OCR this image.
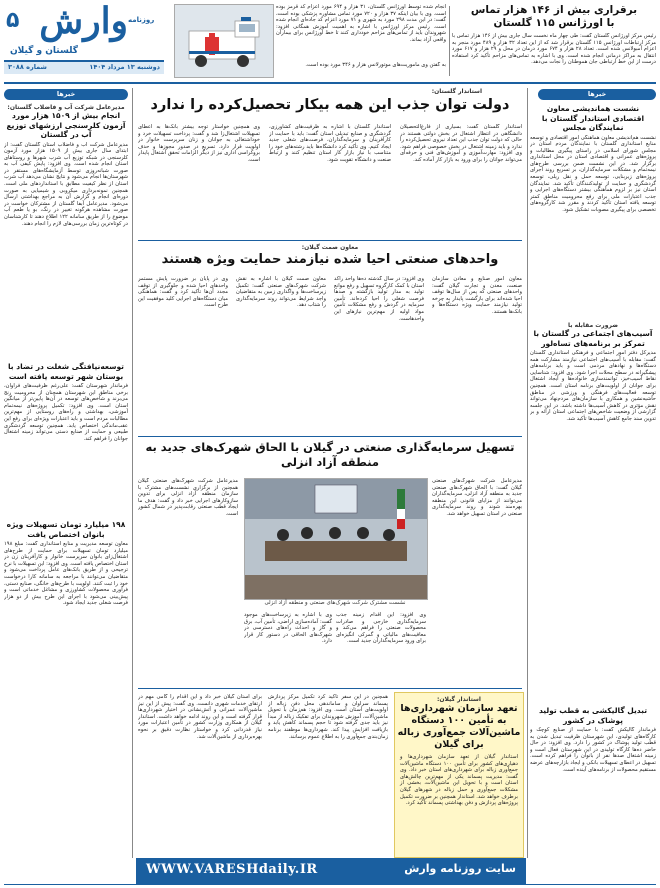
۵ وارش روزنامه
گلستان و گیلان
دوشنبه ۱۳ مرداد ۱۴۰۴
شماره ۳۰۸۸
برقراری بیش از ۱۴۶ هزار تماس
با اورژانس ۱۱۵ گلستان
رئیس مرکز اورژانس گلستان گفت: طی چهار ماه نخست سال جاری بیش از ۱۴۶ هزار تماس با مرکز ارتباطات اورژانس ۱۱۵ گلستان برقرار شد که از این تعداد ۳۲ هزار و ۴۸۹ مورد منجر به اعزام آمبولانس شده است. تعداد ۲۸ هزار و ۶۷۴ مورد درمان در محل و ۲۹ هزار و ۶۱۷ مورد انتقال به مراکز درمانی انجام شده است. وی با اشاره به تماس‌های مزاحم تأکید کرد استفاده درست از این خط ارتباطی جان هموطنان را نجات می‌دهد.
انجام شده توسط اورژانس گلستان، ۳۱ هزار و ۶۹۴ مورد اعزام کد قرمز بوده است. وی با بیان اینکه ۳۷ هزار و ۷۲۰ مورد تماس مشاوره پزشکی بوده است، گفت: در این مدت ۲۹۸ مورد به شهری و ۷۱ مورد اعزام کد جاده‌ای انجام شده است. رئیس مرکز اورژانس با اشاره به اهمیت آموزش همگانی افزود: شهروندان باید از تماس‌های مزاحم خودداری کنند تا خط اورژانس برای بیماران واقعی آزاد بماند.
به گفتن وی مأموریت‌های موتورلانس هزار و ۳۴۶ مورد بوده است.
خبرها
نشست هماندیشی معاون اقتصادی استاندار گلستان با نمایندگان مجلس
نشست هم‌اندیشی معاون هماهنگی امور اقتصادی و توسعه منابع استانداری گلستان با نمایندگان مردم استان در مجلس شورای اسلامی در راستای پیگیری مطالبات و پروژه‌های عمرانی و اقتصادی استان در محل استانداری برگزار شد. در این نشست ضمن بررسی طرح‌های نیمه‌تمام و مشکلات سرمایه‌گذاران، بر تسریع روند اجرای پروژه‌های زیربنایی، توسعه حمل و نقل ریلی، توسعه گردشگری و حمایت از تولیدکنندگان تأکید شد. نمایندگان استان نیز بر لزوم هماهنگی بیشتر دستگاه‌های اجرایی و جذب اعتبارات ملی برای رفع محرومیت مناطق کمتر توسعه یافته استان تأکید کردند و مقرر شد کارگروه‌های تخصصی برای پیگیری مصوبات تشکیل شود.
ضرورت مقابله با
آسیب‌های اجتماعی در گلستان با تمرکز بر برنامه‌های تساه‌لور
مدیرکل دفتر امور اجتماعی و فرهنگی استانداری گلستان گفت: مقابله با آسیب‌های اجتماعی نیازمند مشارکت همه دستگاه‌ها و نهادهای مردمی است و باید برنامه‌های پیشگیرانه در سطح محلات اجرا شود. وی افزود: شناسایی نقاط آسیب‌خیز، توانمندسازی خانواده‌ها و ایجاد اشتغال برای جوانان از اولویت‌های برنامه استان است. همچنین توسعه فعالیت‌های فرهنگی و ورزشی در مناطق حاشیه‌نشین و همکاری با سازمان‌های مردم‌نهاد می‌تواند نقش مؤثری در کاهش آسیب‌ها داشته باشد. در این جلسه گزارشی از وضعیت شاخص‌های اجتماعی استان ارائه و بر تدوین سند جامع کاهش آسیب‌ها تأکید شد.
تبدیل گالیکشی به قطب تولید پوشاک در کشور
فرماندار گالیکش گفت: با حمایت از صنایع کوچک و کارگاه‌های تولیدی، این شهرستان ظرفیت تبدیل شدن به قطب تولید پوشاک در کشور را دارد. وی افزود: در حال حاضر ده‌ها کارگاه تولیدی در این شهرستان فعال است و زمینه اشتغال صدها نفر از بانوان را فراهم کرده است. تسهیل در اعطای تسهیلات بانکی و ایجاد بازارچه‌های عرضه مستقیم محصولات از برنامه‌های آینده است.
خبرها
مدیرعامل شرکت آب و فاضلاب گلستان:
انجام بیش از ۱۵۰۹ هزار مورد آزمون کلرسنجی ارزشهای توزیع آب در گلستان
مدیرعامل شرکت آب و فاضلاب استان گلستان گفت: از ابتدای سال جاری بیش از ۱۵۰۹ هزار مورد آزمون کلرسنجی در شبکه توزیع آب شرب شهرها و روستاهای استان انجام شده است. وی افزود: پایش کیفی آب به صورت شبانه‌روزی توسط آزمایشگاه‌های مستقر در شهرستان‌ها انجام می‌شود و نتایج نشان می‌دهد آب شرب استان از نظر کیفیت مطابق با استانداردهای ملی است. همچنین نمونه‌برداری میکروبی و شیمیایی به صورت دوره‌ای انجام و گزارش آن به مراجع بهداشتی ارسال می‌شود. مدیرعامل آبفا گلستان از مشترکان خواست در صورت مشاهده هرگونه تغییر در رنگ، بو یا طعم آب موضوع را از طریق سامانه ۱۲۲ اطلاع دهند تا کارشناسان در کوتاه‌ترین زمان بررسی‌های لازم را انجام دهند.
توسعه‌نیافتگی شغلت در تضاد با بوستان شهر توسعه یافته است
فرماندار شهرستان گفت: علی‌رغم ظرفیت‌های فراوان، برخی مناطق این شهرستان همچنان از محرومیت رنج می‌برند و شاخص‌های توسعه در آن‌ها پایین‌تر از میانگین استان است. وی افزود: تکمیل پروژه‌های نیمه‌تمام آموزشی، بهداشتی و راه‌های روستایی از مهم‌ترین مطالبات مردم است و باید اعتبارات ویژه‌ای برای رفع این عقب‌ماندگی اختصاص یابد. همچنین توسعه گردشگری طبیعی و حمایت از صنایع دستی می‌تواند زمینه اشتغال جوانان را فراهم کند.
۱۹۸ میلیارد تومان تسهیلات ویژه بانوان اختصاص یافت
معاون توسعه مدیریت و منابع استانداری گفت: مبلغ ۱۹۸ میلیارد تومان تسهیلات برای حمایت از طرح‌های اشتغال‌زای بانوان سرپرست خانوار و کارآفرینان زن در استان اختصاص یافته است. وی افزود: این تسهیلات با نرخ ترجیحی و از طریق بانک‌های عامل پرداخت می‌شود و متقاضیان می‌توانند با مراجعه به سامانه کارا درخواست خود را ثبت کنند. اولویت با طرح‌های خانگی، صنایع دستی، فرآوری محصولات کشاورزی و مشاغل خدماتی است و پیش‌بینی می‌شود با اجرای این طرح بیش از دو هزار فرصت شغلی جدید ایجاد شود.
استاندار گلستان:
دولت توان جذب این همه بیکار تحصیل‌کرده را ندارد
استاندار گلستان گفت: بسیاری از فارغ‌التحصیلان دانشگاهی در انتظار اشتغال در بخش دولتی هستند در حالی که دولت توان جذب این تعداد نیروی تحصیل‌کرده را ندارد و باید زمینه اشتغال در بخش خصوصی فراهم شود. وی افزود: مهارت‌آموزی و آموزش‌های فنی و حرفه‌ای می‌تواند جوانان را برای ورود به بازار کار آماده کند.
استاندار گلستان با اشاره به ظرفیت‌های کشاورزی، گردشگری و صنایع تبدیلی استان گفت: باید با حمایت از کارآفرینان و سرمایه‌گذاران، فرصت‌های شغلی جدید ایجاد کنیم. وی تأکید کرد دانشگاه‌ها باید رشته‌های خود را متناسب با نیاز بازار کار استان تنظیم کنند و ارتباط صنعت و دانشگاه تقویت شود.
وی همچنین خواستار توجه بیشتر بانک‌ها به اعطای تسهیلات اشتغال‌زا شد و گفت: پرداخت تسهیلات خرد و خوداشتغالی به جوانان و زنان سرپرست خانوار در اولویت قرار دارد. تسریع در صدور مجوزها و حذف بروکراسی اداری نیز از دیگر الزامات تحقق اشتغال پایدار است.
معاون صمت گیلان:
واحدهای صنعتی احیا شده نیازمند حمایت ویژه هستند
معاون امور صنایع و معادن سازمان صنعت، معدن و تجارت گیلان گفت: واحدهای صنعتی که پس از سال‌ها توقف احیا شده‌اند برای بازگشت پایدار به چرخه تولید نیازمند حمایت ویژه دستگاه‌ها و بانک‌ها هستند.
وی افزود: در سال گذشته ده‌ها واحد راکد استان با کمک کارگروه تسهیل و رفع موانع تولید به مدار تولید بازگشته و صدها فرصت شغلی را احیا کرده‌اند. تأمین سرمایه در گردش و رفع مشکلات تأمین مواد اولیه از مهم‌ترین نیازهای این واحدهاست.
معاون صمت گیلان با اشاره به نقش شرکت شهرک‌های صنعتی گفت: تکمیل زیرساخت‌ها و واگذاری زمین به متقاضیان واجد شرایط می‌تواند روند سرمایه‌گذاری را شتاب دهد.
وی در پایان بر ضرورت پایش مستمر واحدهای احیا شده و جلوگیری از توقف مجدد آن‌ها تأکید کرد و گفت: هماهنگی میان دستگاه‌های اجرایی کلید موفقیت این طرح است.
تسهیل سرمایه‌گذاری صنعتی در گیلان با الحاق شهرک‌های جدید به
منطقه آزاد انزلی
مدیرعامل شرکت شهرک‌های صنعتی گیلان گفت: با الحاق شهرک‌های صنعتی جدید به منطقه آزاد انزلی، سرمایه‌گذاران می‌توانند از مزایای قانونی این منطقه بهره‌مند شوند و روند سرمایه‌گذاری صنعتی در استان تسهیل خواهد شد.
نشست مشترک شرکت شهرک‌های صنعتی و منطقه آزاد انزلی
وی افزود: این اقدام زمینه جذب سرمایه‌گذاری خارجی و صادرات محصولات صنعتی را فراهم می‌کند و معافیت‌های مالیاتی و گمرکی انگیزه‌ای برای ورود سرمایه‌گذاران جدید است.
وی با اشاره به زیرساخت‌های موجود گفت: آماده‌سازی اراضی، تأمین آب، برق و گاز و احداث راه‌های دسترسی در شهرک‌های الحاقی در دستور کار قرار دارد.
مدیرعامل شرکت شهرک‌های صنعتی گیلان همچنین از برگزاری نشست‌های مشترک با سازمان منطقه آزاد انزلی برای تدوین سازوکارهای اجرایی خبر داد و گفت: هدف ما ایجاد قطب صنعتی رقابت‌پذیر در شمال کشور است.
استاندار گیلان:
تعهد سازمان شهرداری‌ها
به تأمین ۱۰۰ دستگاه
ماشین‌آلات جمع‌آوری زباله
برای گیلان
استاندار گیلان از تعهد سازمان شهرداری‌ها و دهیاری‌های کشور برای تأمین ۱۰۰ دستگاه ماشین‌آلات جمع‌آوری زباله برای شهرداری‌های استان خبر داد. وی گفت: مدیریت پسماند یکی از مهم‌ترین چالش‌های استان است و با تحویل این ماشین‌آلات، بخشی از مشکلات جمع‌آوری و حمل زباله در شهرهای گیلان برطرف خواهد شد. استاندار همچنین بر ضرورت تکمیل پروژه‌های پردازش و دفن بهداشتی پسماند تأکید کرد.
همچنین در این سفر تأکید کرد تکمیل مرکز پردازش پسماند سراوان و ساماندهی محل دفن زباله از اولویت‌های استان است. وی افزود: هم‌زمان با تحویل ماشین‌آلات، آموزش شهروندان برای تفکیک زباله از مبدأ نیز باید جدی گرفته شود تا حجم پسماند کاهش یابد و بازیافت افزایش پیدا کند. شهرداری‌ها موظفند برنامه زمان‌بندی جمع‌آوری را به اطلاع عموم برسانند.
برای استان گیلان خبر داد و این اقدام را گامی مهم در ارتقای خدمات شهری دانست. وی گفت: پیش از این نیز ماشین‌آلات عمرانی و آتش‌نشانی در اختیار شهرداری‌ها قرار گرفته است و این روند ادامه خواهد داشت. استاندار گیلان از همکاری وزارت کشور در تأمین اعتبارات مورد نیاز قدردانی کرد و خواستار نظارت دقیق بر نحوه بهره‌برداری از ماشین‌آلات شد.
سایت روزنامه وارش
WWW.VARESHdaily.IR
